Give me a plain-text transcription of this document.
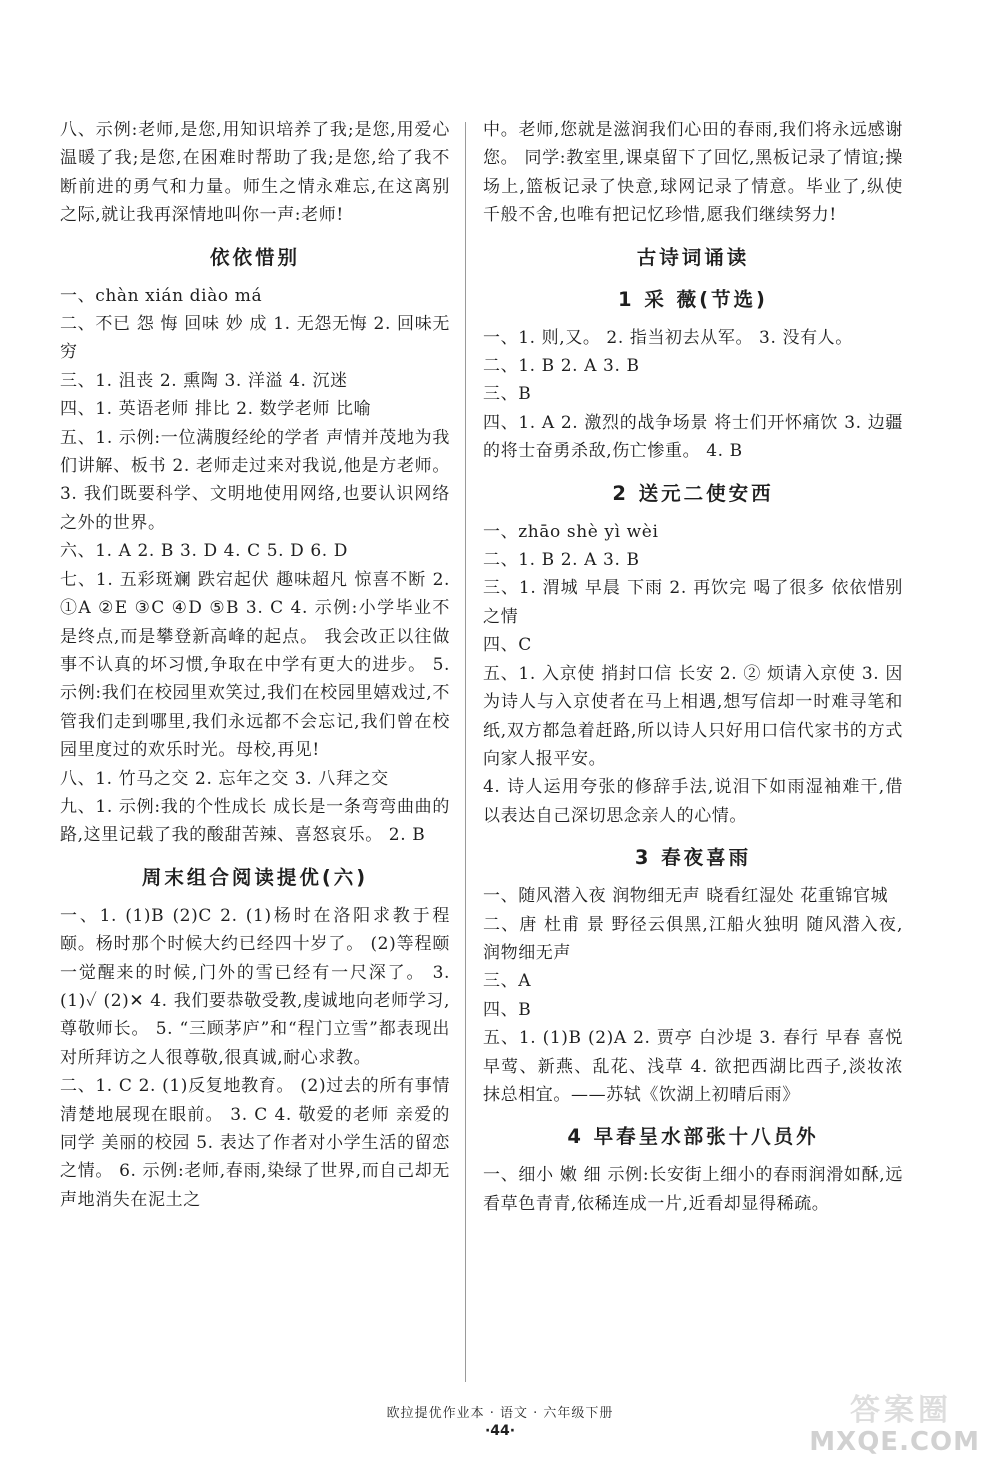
八、示例:老师,是您,用知识培养了我;是您,用爱心温暖了我;是您,在困难时帮助了我;是您,给了我不断前进的勇气和力量。师生之情永难忘,在这离别之际,就让我再深情地叫你一声:老师!

依依惜别

一、chàn xián diào má

二、不已 怨 悔 回味 妙 成 1. 无怨无悔 2. 回味无穷

三、1. 沮丧 2. 熏陶 3. 洋溢 4. 沉迷

四、1. 英语老师 排比 2. 数学老师 比喻

五、1. 示例:一位满腹经纶的学者 声情并茂地为我们讲解、板书 2. 老师走过来对我说,他是方老师。 3. 我们既要科学、文明地使用网络,也要认识网络之外的世界。

六、1. A 2. B 3. D 4. C 5. D 6. D

七、1. 五彩斑斓 跌宕起伏 趣味超凡 惊喜不断 2. ①A ②E ③C ④D ⑤B 3. C 4. 示例:小学毕业不是终点,而是攀登新高峰的起点。 我会改正以往做事不认真的坏习惯,争取在中学有更大的进步。 5. 示例:我们在校园里欢笑过,我们在校园里嬉戏过,不管我们走到哪里,我们永远都不会忘记,我们曾在校园里度过的欢乐时光。母校,再见!

八、1. 竹马之交 2. 忘年之交 3. 八拜之交

九、1. 示例:我的个性成长 成长是一条弯弯曲曲的路,这里记载了我的酸甜苦辣、喜怒哀乐。 2. B

周末组合阅读提优(六)

一、1. (1)B (2)C 2. (1)杨时在洛阳求教于程颐。杨时那个时候大约已经四十岁了。 (2)等程颐一觉醒来的时候,门外的雪已经有一尺深了。 3. (1)✓ (2)✕ 4. 我们要恭敬受教,虔诚地向老师学习,尊敬师长。 5. “三顾茅庐”和“程门立雪”都表现出对所拜访之人很尊敬,很真诚,耐心求教。

二、1. C 2. (1)反复地教育。 (2)过去的所有事情清楚地展现在眼前。 3. C 4. 敬爱的老师 亲爱的同学 美丽的校园 5. 表达了作者对小学生活的留恋之情。 6. 示例:老师,春雨,染绿了世界,而自己却无声地消失在泥土之

中。老师,您就是滋润我们心田的春雨,我们将永远感谢您。 同学:教室里,课桌留下了回忆,黑板记录了情谊;操场上,篮板记录了快意,球网记录了情意。毕业了,纵使千般不舍,也唯有把记忆珍惜,愿我们继续努力!

古诗词诵读
1 采 薇(节选)

一、1. 则,又。 2. 指当初去从军。 3. 没有人。

二、1. B 2. A 3. B

三、B

四、1. A 2. 激烈的战争场景 将士们开怀痛饮 3. 边疆的将士奋勇杀敌,伤亡惨重。 4. B

2 送元二使安西

一、zhāo shè yì wèi

二、1. B 2. A 3. B

三、1. 渭城 早晨 下雨 2. 再饮完 喝了很多 依依惜别之情

四、C

五、1. 入京使 捎封口信 长安 2. ② 烦请入京使 3. 因为诗人与入京使者在马上相遇,想写信却一时难寻笔和纸,双方都急着赶路,所以诗人只好用口信代家书的方式向家人报平安。

4. 诗人运用夸张的修辞手法,说泪下如雨湿袖难干,借以表达自己深切思念亲人的心情。

3 春夜喜雨

一、随风潜入夜 润物细无声 晓看红湿处 花重锦官城

二、唐 杜甫 景 野径云俱黑,江船火独明 随风潜入夜,润物细无声

三、A

四、B

五、1. (1)B (2)A 2. 贾亭 白沙堤 3. 春行 早春 喜悦 早莺、新燕、乱花、浅草 4. 欲把西湖比西子,淡妆浓抹总相宜。——苏轼《饮湖上初晴后雨》

4 早春呈水部张十八员外

一、细小 嫩 细 示例:长安街上细小的春雨润滑如酥,远看草色青青,依稀连成一片,近看却显得稀疏。

欧拉提优作业本 · 语文 · 六年级下册
·44·
答案圈
MXQE.COM
